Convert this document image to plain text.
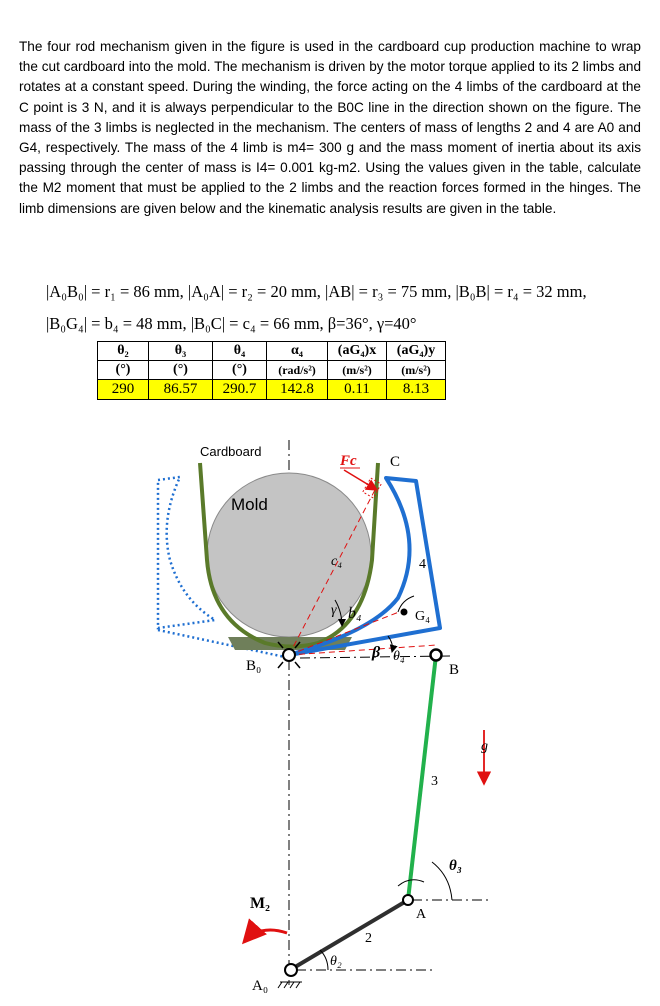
The four rod mechanism given in the figure is used in the cardboard cup production machine to wrap the cut cardboard into the mold. The mechanism is driven by the motor torque applied to its 2 limbs and rotates at a constant speed. During the winding, the force acting on the 4 limbs of the cardboard at the C point is 3 N, and it is always perpendicular to the B0C line in the direction shown on the figure. The mass of the 3 limbs is neglected in the mechanism. The centers of mass of lengths 2 and 4 are A0 and G4, respectively. The mass of the 4 limb is m4= 300 g and the mass moment of inertia about its axis passing through the center of mass is I4= 0.001 kg-m2. Using the values given in the table, calculate the M2 moment that must be applied to the 2 limbs and the reaction forces formed in the hinges. The limb dimensions are given below and the kinematic analysis results are given in the table.
|A₀B₀| = r₁ = 86 mm, |A₀A| = r₂ = 20 mm, |AB| = r₃ = 75 mm, |B₀B| = r₄ = 32 mm,
|B₀G₄| = b₄ = 48 mm, |B₀C| = c₄ = 66 mm, β=36°, γ=40°
θ₂	θ₃	θ₄	α₄	(aG₄)x	(aG₄)y
(°)	(°)	(°)	(rad/s²)	(m/s²)	(m/s²)
290	86.57	290.7	142.8	0.11	8.13
Cardboard
Mold
Fc C
c₄
b₄
γ
β
G₄
4
B
θ₄
B₀
g
3
θ₃
A
M₂
2
θ₂
A₀
